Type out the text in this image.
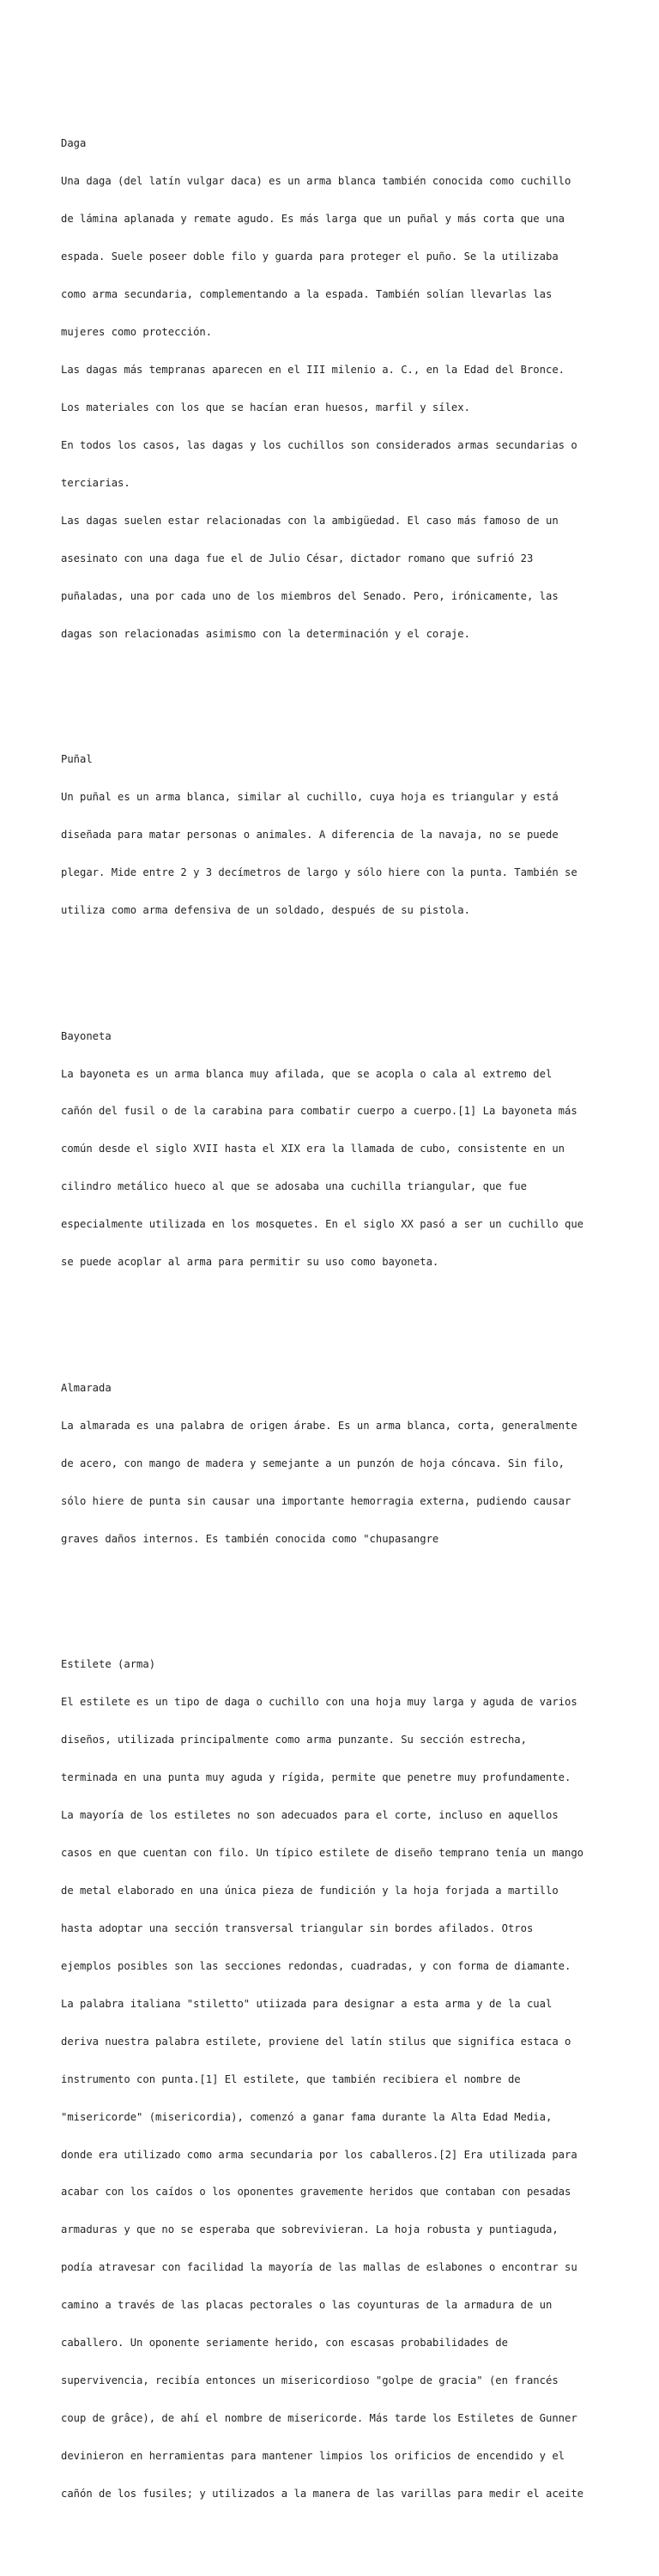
Daga

Una daga (del latín vulgar daca) es un arma blanca también conocida como cuchillo

de lámina aplanada y remate agudo. Es más larga que un puñal y más corta que una

espada. Suele poseer doble filo y guarda para proteger el puño. Se la utilizaba

como arma secundaria, complementando a la espada. También solían llevarlas las

mujeres como protección.

Las dagas más tempranas aparecen en el III milenio a. C., en la Edad del Bronce.

Los materiales con los que se hacían eran huesos, marfil y sílex.

En todos los casos, las dagas y los cuchillos son considerados armas secundarias o

terciarias.

Las dagas suelen estar relacionadas con la ambigüedad. El caso más famoso de un

asesinato con una daga fue el de Julio César, dictador romano que sufrió 23

puñaladas, una por cada uno de los miembros del Senado. Pero, irónicamente, las

dagas son relacionadas asimismo con la determinación y el coraje.

Puñal

Un puñal es un arma blanca, similar al cuchillo, cuya hoja es triangular y está

diseñada para matar personas o animales. A diferencia de la navaja, no se puede

plegar. Mide entre 2 y 3 decímetros de largo y sólo hiere con la punta. También se

utiliza como arma defensiva de un soldado, después de su pistola.

Bayoneta

La bayoneta es un arma blanca muy afilada, que se acopla o cala al extremo del

cañón del fusil o de la carabina para combatir cuerpo a cuerpo.[1] La bayoneta más

común desde el siglo XVII hasta el XIX era la llamada de cubo, consistente en un

cilindro metálico hueco al que se adosaba una cuchilla triangular, que fue

especialmente utilizada en los mosquetes. En el siglo XX pasó a ser un cuchillo que

se puede acoplar al arma para permitir su uso como bayoneta.

Almarada

La almarada es una palabra de origen árabe. Es un arma blanca, corta, generalmente

de acero, con mango de madera y semejante a un punzón de hoja cóncava. Sin filo,

sólo hiere de punta sin causar una importante hemorragia externa, pudiendo causar

graves daños internos. Es también conocida como "chupasangre

Estilete (arma)

El estilete es un tipo de daga o cuchillo con una hoja muy larga y aguda de varios

diseños, utilizada principalmente como arma punzante. Su sección estrecha,

terminada en una punta muy aguda y rígida, permite que penetre muy profundamente.

La mayoría de los estiletes no son adecuados para el corte, incluso en aquellos

casos en que cuentan con filo. Un típico estilete de diseño temprano tenía un mango

de metal elaborado en una única pieza de fundición y la hoja forjada a martillo

hasta adoptar una sección transversal triangular sin bordes afilados. Otros

ejemplos posibles son las secciones redondas, cuadradas, y con forma de diamante.

La palabra italiana "stiletto" utiizada para designar a esta arma y de la cual

deriva nuestra palabra estilete, proviene del latín stilus que significa estaca o

instrumento con punta.[1] El estilete, que también recibiera el nombre de

"misericorde" (misericordia), comenzó a ganar fama durante la Alta Edad Media,

donde era utilizado como arma secundaria por los caballeros.[2] Era utilizada para

acabar con los caídos o los oponentes gravemente heridos que contaban con pesadas

armaduras y que no se esperaba que sobrevivieran. La hoja robusta y puntiaguda,

podía atravesar con facilidad la mayoría de las mallas de eslabones o encontrar su

camino a través de las placas pectorales o las coyunturas de la armadura de un

caballero. Un oponente seriamente herido, con escasas probabilidades de

supervivencia, recibía entonces un misericordioso "golpe de gracia" (en francés

coup de grâce), de ahí el nombre de misericorde. Más tarde los Estiletes de Gunner

devinieron en herramientas para mantener limpios los orificios de encendido y el

cañón de los fusiles; y utilizados a la manera de las varillas para medir el aceite
